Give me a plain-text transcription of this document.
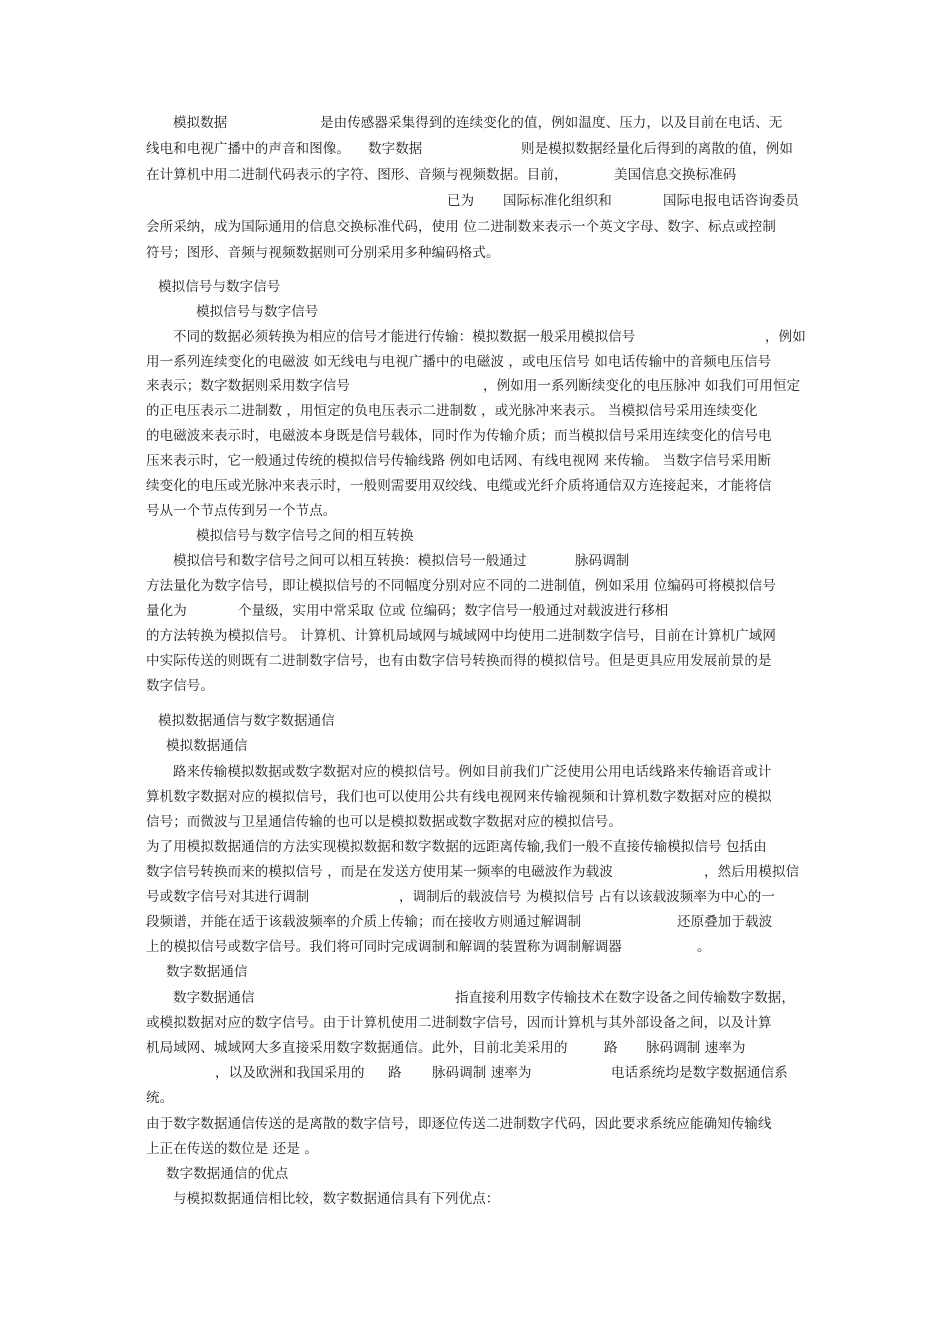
模拟数据	是由传感器采集得到的连续变化的值，例如温度、压力，以及目前在电话、无
线电和电视广播中的声音和图像。 数字数据	则是模拟数据经量化后得到的离散的值，例如
在计算机中用二进制代码表示的字符、图形、音频与视频数据。目前，	美国信息交换标准码
已为 国际标准化组织和	国际电报电话咨询委员
会所采纳，成为国际通用的信息交换标准代码，使用 位二进制数来表示一个英文字母、数字、标点或控制
符号；图形、音频与视频数据则可分别采用多种编码格式。
模拟信号与数字信号
模拟信号与数字信号
不同的数据必须转换为相应的信号才能进行传输：模拟数据一般采用模拟信号	，例如
用一系列连续变化的电磁波 如无线电与电视广播中的电磁波 ，或电压信号 如电话传输中的音频电压信号
来表示；数字数据则采用数字信号	，例如用一系列断续变化的电压脉冲 如我们可用恒定
的正电压表示二进制数 ，用恒定的负电压表示二进制数 ，或光脉冲来表示。 当模拟信号采用连续变化
的电磁波来表示时，电磁波本身既是信号载体，同时作为传输介质；而当模拟信号采用连续变化的信号电
压来表示时，它一般通过传统的模拟信号传输线路 例如电话网、有线电视网 来传输。 当数字信号采用断
续变化的电压或光脉冲来表示时，一般则需要用双绞线、电缆或光纤介质将通信双方连接起来，才能将信
号从一个节点传到另一个节点。
模拟信号与数字信号之间的相互转换
模拟信号和数字信号之间可以相互转换：模拟信号一般通过	脉码调制
方法量化为数字信号，即让模拟信号的不同幅度分别对应不同的二进制值，例如采用 位编码可将模拟信号
量化为	个量级，实用中常采取 位或 位编码；数字信号一般通过对载波进行移相
的方法转换为模拟信号。 计算机、计算机局域网与城域网中均使用二进制数字信号，目前在计算机广域网
中实际传送的则既有二进制数字信号，也有由数字信号转换而得的模拟信号。但是更具应用发展前景的是
数字信号。
模拟数据通信与数字数据通信
模拟数据通信
路来传输模拟数据或数字数据对应的模拟信号。例如目前我们广泛使用公用电话线路来传输语音或计
算机数字数据对应的模拟信号，我们也可以使用公共有线电视网来传输视频和计算机数字数据对应的模拟
信号；而微波与卫星通信传输的也可以是模拟数据或数字数据对应的模拟信号。
为了用模拟数据通信的方法实现模拟数据和数字数据的远距离传输,我们一般不直接传输模拟信号 包括由
数字信号转换而来的模拟信号 ，而是在发送方使用某一频率的电磁波作为载波	，然后用模拟信
号或数字信号对其进行调制	，调制后的载波信号 为模拟信号 占有以该载波频率为中心的一
段频谱，并能在适于该载波频率的介质上传输；而在接收方则通过解调制	还原叠加于载波
上的模拟信号或数字信号。我们将可同时完成调制和解调的装置称为调制解调器	。
数字数据通信
数字数据通信	指直接利用数字传输技术在数字设备之间传输数字数据，
或模拟数据对应的数字信号。由于计算机使用二进制数字信号，因而计算机与其外部设备之间，以及计算
机局域网、城域网大多直接采用数字数据通信。此外，目前北美采用的	路 脉码调制 速率为
，以及欧洲和我国采用的 路 脉码调制 速率为	电话系统均是数字数据通信系
统。
由于数字数据通信传送的是离散的数字信号，即逐位传送二进制数字代码，因此要求系统应能确知传输线
上正在传送的数位是 还是 。
数字数据通信的优点
与模拟数据通信相比较，数字数据通信具有下列优点：
